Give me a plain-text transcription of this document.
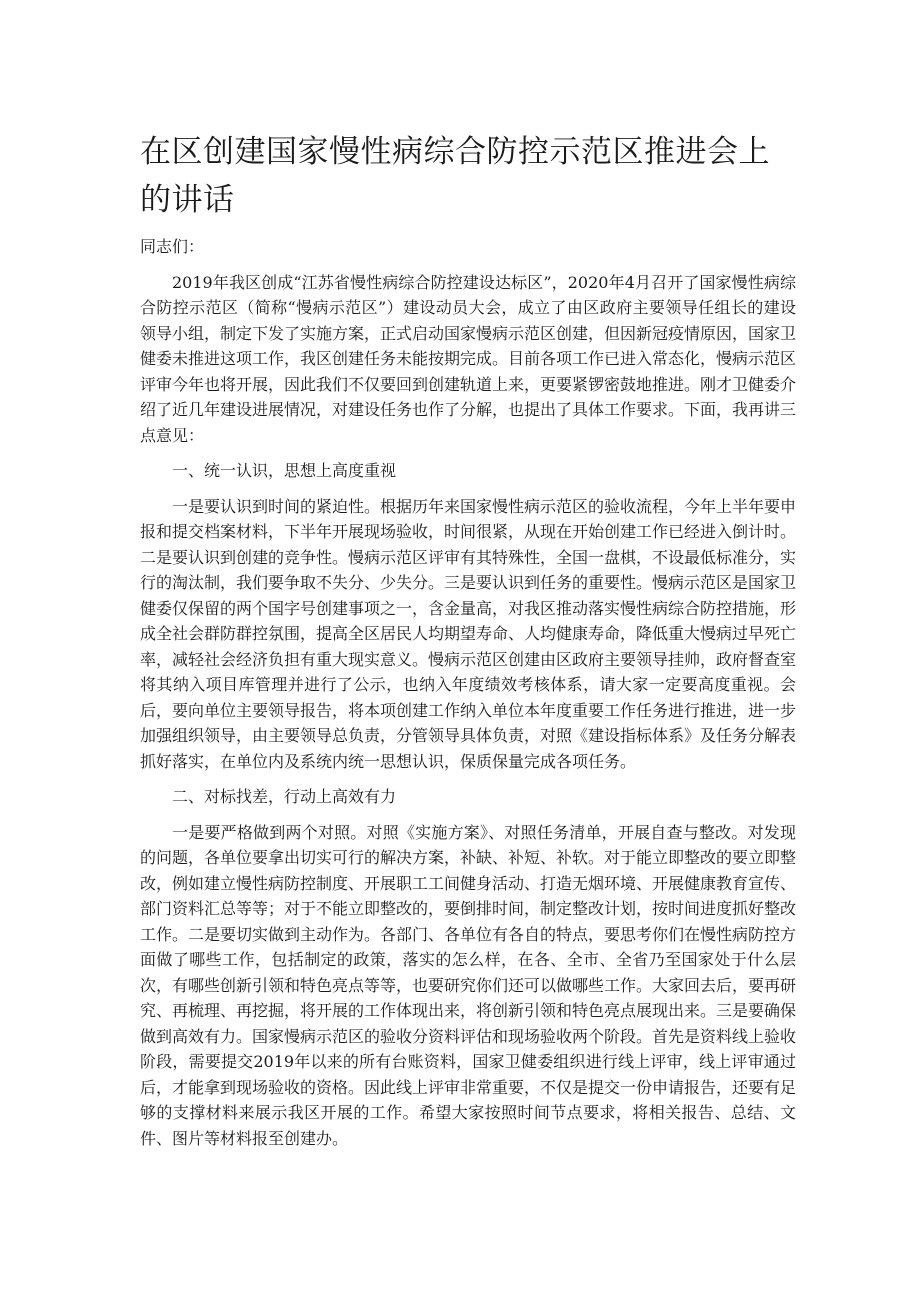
在区创建国家慢性病综合防控示范区推进会上的讲话

同志们：

2019年我区创成“江苏省慢性病综合防控建设达标区”，2020年4月召开了国家慢性病综合防控示范区（简称“慢病示范区”）建设动员大会，成立了由区政府主要领导任组长的建设领导小组，制定下发了实施方案，正式启动国家慢病示范区创建，但因新冠疫情原因，国家卫健委未推进这项工作，我区创建任务未能按期完成。目前各项工作已进入常态化，慢病示范区评审今年也将开展，因此我们不仅要回到创建轨道上来，更要紧锣密鼓地推进。刚才卫健委介绍了近几年建设进展情况，对建设任务也作了分解，也提出了具体工作要求。下面，我再讲三点意见：

一、统一认识，思想上高度重视

一是要认识到时间的紧迫性。根据历年来国家慢性病示范区的验收流程，今年上半年要申报和提交档案材料，下半年开展现场验收，时间很紧，从现在开始创建工作已经进入倒计时。二是要认识到创建的竞争性。慢病示范区评审有其特殊性，全国一盘棋，不设最低标准分，实行的淘汰制，我们要争取不失分、少失分。三是要认识到任务的重要性。慢病示范区是国家卫健委仅保留的两个国字号创建事项之一，含金量高，对我区推动落实慢性病综合防控措施，形成全社会群防群控氛围，提高全区居民人均期望寿命、人均健康寿命，降低重大慢病过早死亡率，减轻社会经济负担有重大现实意义。慢病示范区创建由区政府主要领导挂帅，政府督查室将其纳入项目库管理并进行了公示，也纳入年度绩效考核体系，请大家一定要高度重视。会后，要向单位主要领导报告，将本项创建工作纳入单位本年度重要工作任务进行推进，进一步加强组织领导，由主要领导总负责，分管领导具体负责，对照《建设指标体系》及任务分解表抓好落实，在单位内及系统内统一思想认识，保质保量完成各项任务。

二、对标找差，行动上高效有力

一是要严格做到两个对照。对照《实施方案》、对照任务清单，开展自查与整改。对发现的问题，各单位要拿出切实可行的解决方案，补缺、补短、补软。对于能立即整改的要立即整改，例如建立慢性病防控制度、开展职工工间健身活动、打造无烟环境、开展健康教育宣传、部门资料汇总等等；对于不能立即整改的，要倒排时间，制定整改计划，按时间进度抓好整改工作。二是要切实做到主动作为。各部门、各单位有各自的特点，要思考你们在慢性病防控方面做了哪些工作，包括制定的政策，落实的怎么样，在各、全市、全省乃至国家处于什么层次，有哪些创新引领和特色亮点等等，也要研究你们还可以做哪些工作。大家回去后，要再研究、再梳理、再挖掘，将开展的工作体现出来，将创新引领和特色亮点展现出来。三是要确保做到高效有力。国家慢病示范区的验收分资料评估和现场验收两个阶段。首先是资料线上验收阶段，需要提交2019年以来的所有台账资料，国家卫健委组织进行线上评审，线上评审通过后，才能拿到现场验收的资格。因此线上评审非常重要，不仅是提交一份申请报告，还要有足够的支撑材料来展示我区开展的工作。希望大家按照时间节点要求，将相关报告、总结、文件、图片等材料报至创建办。
